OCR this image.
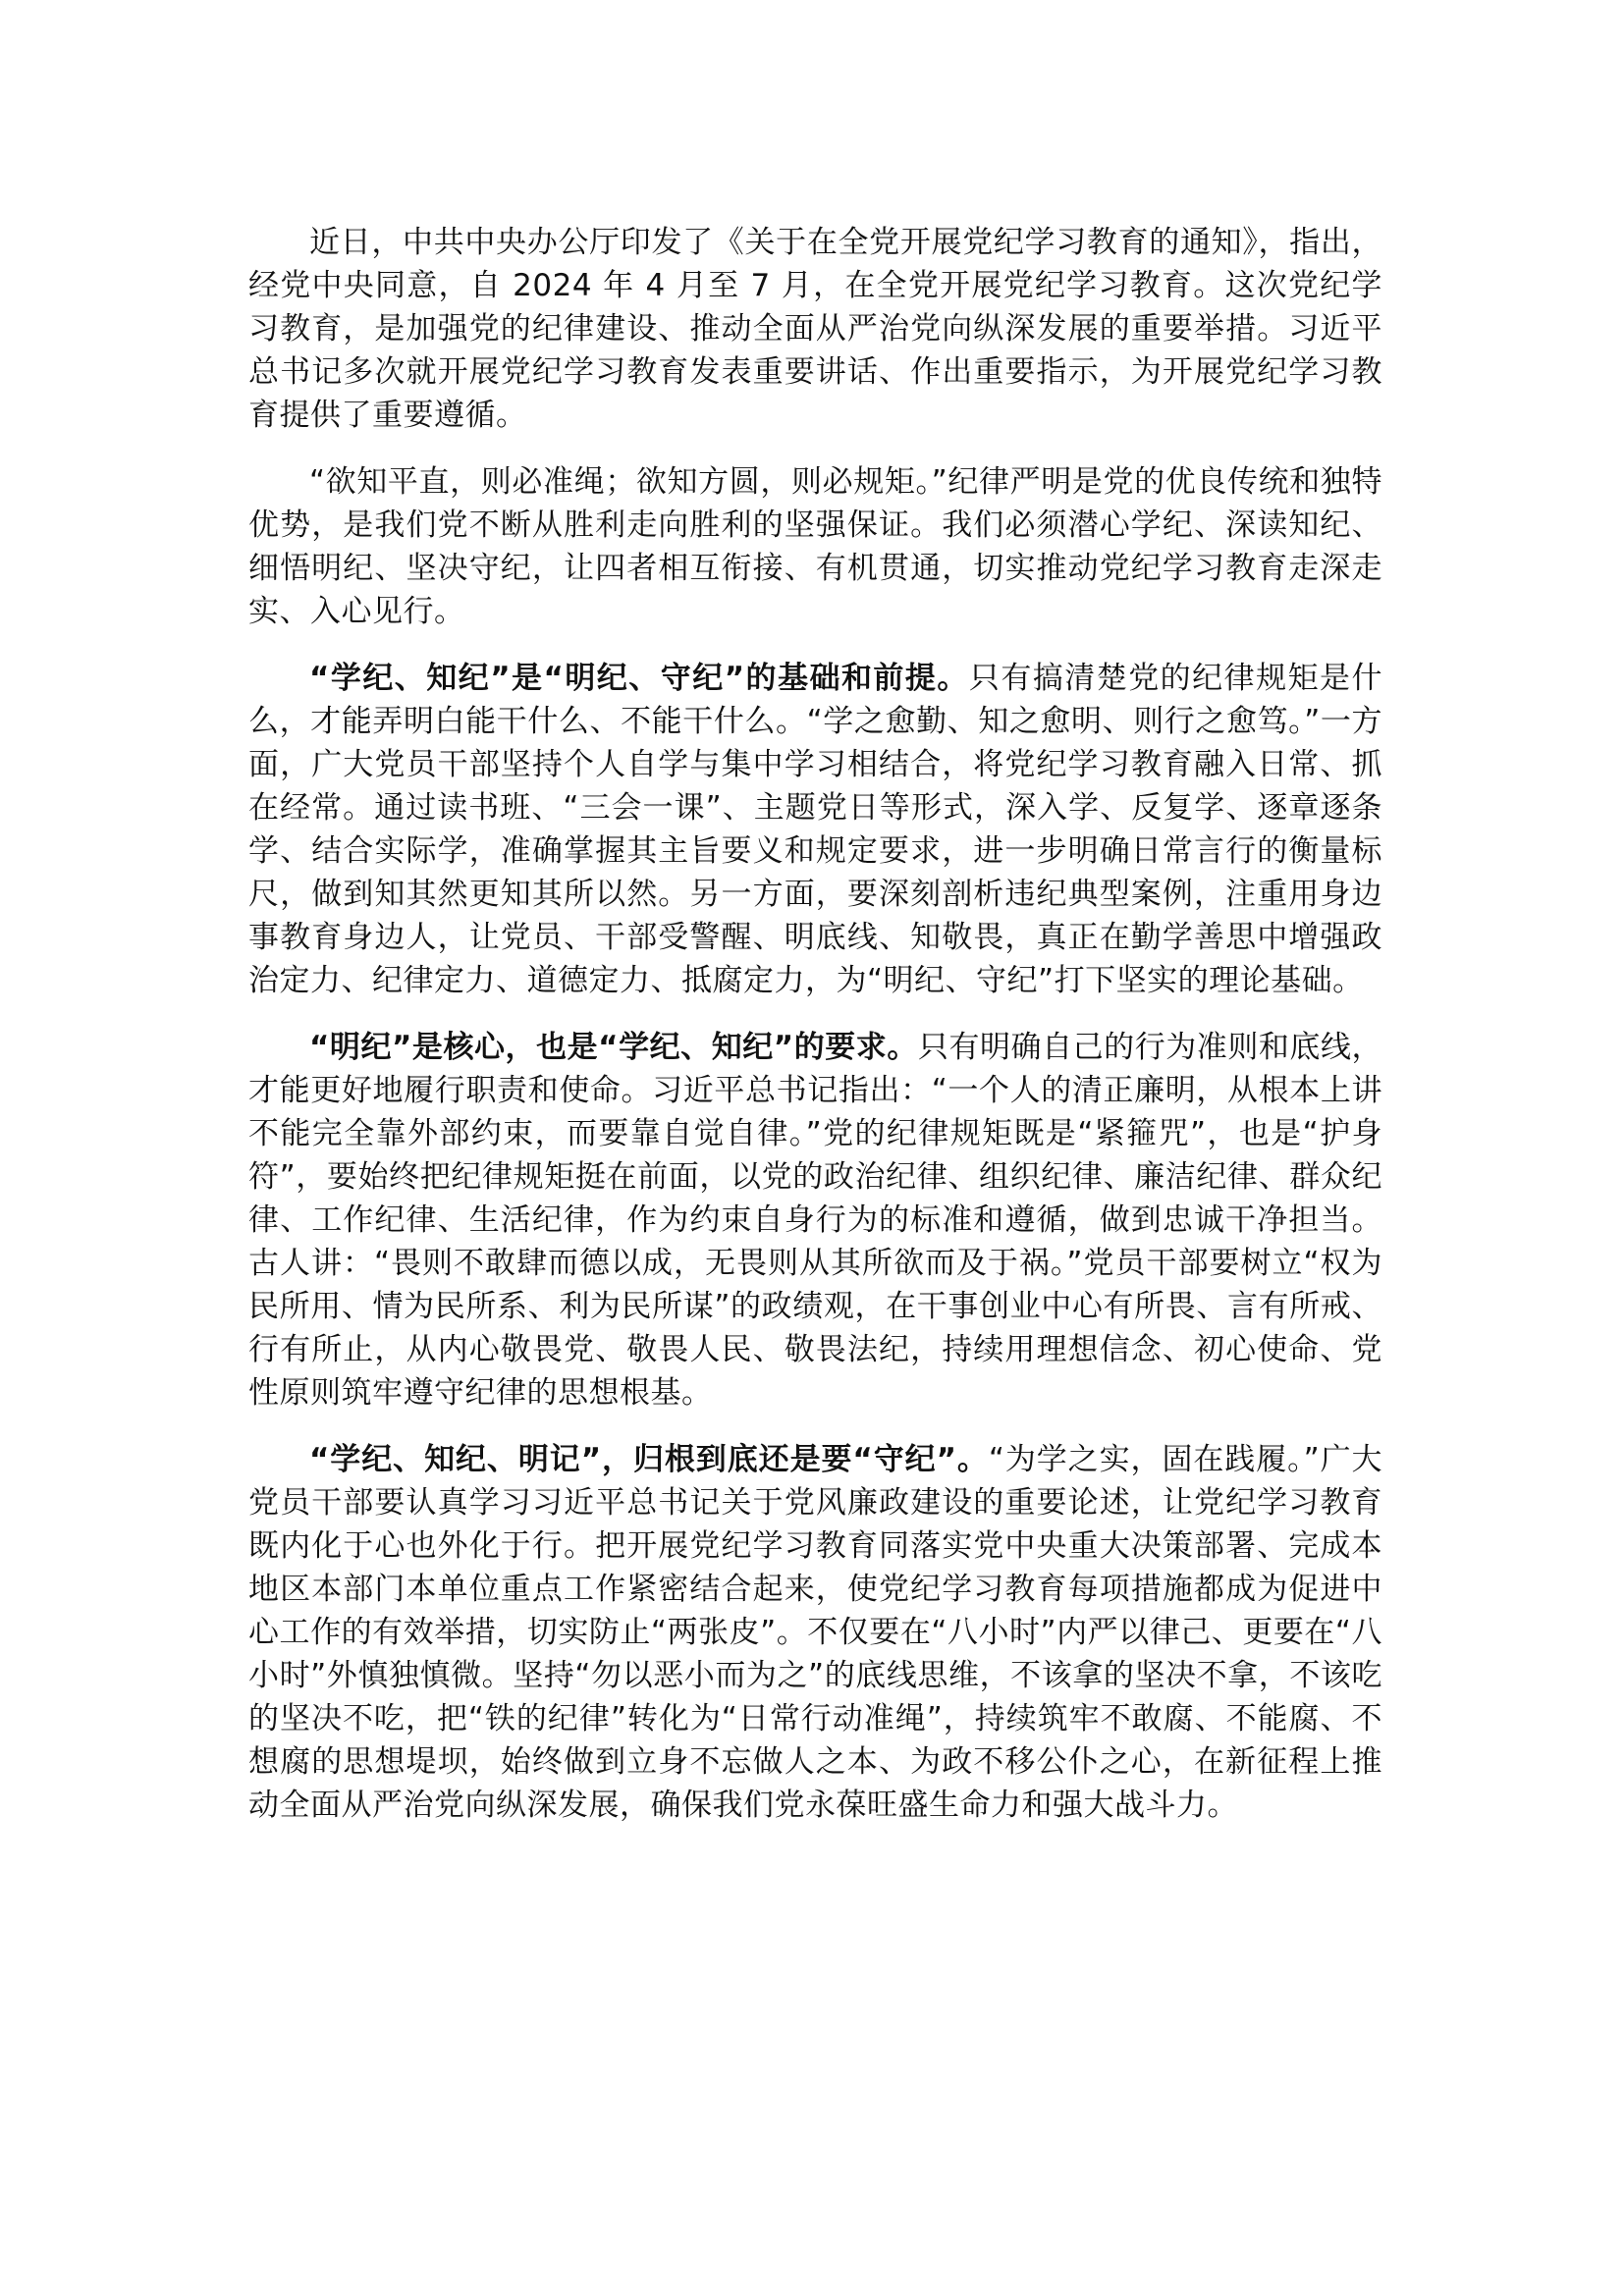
近日，中共中央办公厅印发了《关于在全党开展党纪学习教育的通知》，指出，经党中央同意，自 2024 年 4 月至 7 月，在全党开展党纪学习教育。这次党纪学习教育，是加强党的纪律建设、推动全面从严治党向纵深发展的重要举措。习近平总书记多次就开展党纪学习教育发表重要讲话、作出重要指示，为开展党纪学习教育提供了重要遵循。

“欲知平直，则必准绳；欲知方圆，则必规矩。”纪律严明是党的优良传统和独特优势，是我们党不断从胜利走向胜利的坚强保证。我们必须潜心学纪、深读知纪、细悟明纪、坚决守纪，让四者相互衔接、有机贯通，切实推动党纪学习教育走深走实、入心见行。

“学纪、知纪”是“明纪、守纪”的基础和前提。只有搞清楚党的纪律规矩是什么，才能弄明白能干什么、不能干什么。“学之愈勤、知之愈明、则行之愈笃。”一方面，广大党员干部坚持个人自学与集中学习相结合，将党纪学习教育融入日常、抓在经常。通过读书班、“三会一课”、主题党日等形式，深入学、反复学、逐章逐条学、结合实际学，准确掌握其主旨要义和规定要求，进一步明确日常言行的衡量标尺，做到知其然更知其所以然。另一方面，要深刻剖析违纪典型案例，注重用身边事教育身边人，让党员、干部受警醒、明底线、知敬畏，真正在勤学善思中增强政治定力、纪律定力、道德定力、抵腐定力，为“明纪、守纪”打下坚实的理论基础。

“明纪”是核心，也是“学纪、知纪”的要求。只有明确自己的行为准则和底线，才能更好地履行职责和使命。习近平总书记指出：“一个人的清正廉明，从根本上讲不能完全靠外部约束，而要靠自觉自律。”党的纪律规矩既是“紧箍咒”，也是“护身符”，要始终把纪律规矩挺在前面，以党的政治纪律、组织纪律、廉洁纪律、群众纪律、工作纪律、生活纪律，作为约束自身行为的标准和遵循，做到忠诚干净担当。古人讲：“畏则不敢肆而德以成，无畏则从其所欲而及于祸。”党员干部要树立“权为民所用、情为民所系、利为民所谋”的政绩观，在干事创业中心有所畏、言有所戒、行有所止，从内心敬畏党、敬畏人民、敬畏法纪，持续用理想信念、初心使命、党性原则筑牢遵守纪律的思想根基。

“学纪、知纪、明记”，归根到底还是要“守纪”。“为学之实，固在践履。”广大党员干部要认真学习习近平总书记关于党风廉政建设的重要论述，让党纪学习教育既内化于心也外化于行。把开展党纪学习教育同落实党中央重大决策部署、完成本地区本部门本单位重点工作紧密结合起来，使党纪学习教育每项措施都成为促进中心工作的有效举措，切实防止“两张皮”。不仅要在“八小时”内严以律己、更要在“八小时”外慎独慎微。坚持“勿以恶小而为之”的底线思维，不该拿的坚决不拿，不该吃的坚决不吃，把“铁的纪律”转化为“日常行动准绳”，持续筑牢不敢腐、不能腐、不想腐的思想堤坝，始终做到立身不忘做人之本、为政不移公仆之心，在新征程上推动全面从严治党向纵深发展，确保我们党永葆旺盛生命力和强大战斗力。
